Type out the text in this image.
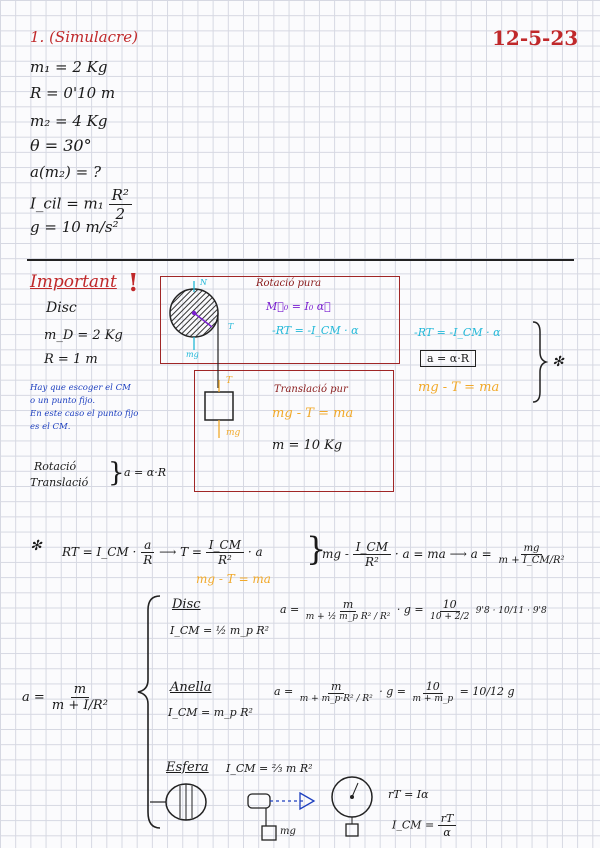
1. (Simulacre)	12-5-23
m₁ = 2 Kg
R = 0'10 m
m₂ = 4 Kg
θ = 30°
a(m₂) = ?
I_cil = $m_1 \frac{\text{R²}}{2}$
g = 10 m/s²
Important !
Disc
m_D = 2 Kg
R = 1 m
Hay que escoger el CM
o un punto fijo.
En este caso el punto fijo
es el CM.
Rotació
Translació } a = α·R
N
T
mg
Rotació pura
M⃗₀ = I₀ α⃗
-RT = -I_CM · α	-RT = -I_CM · α
a = α·R
Translació pur
mg - T = ma
mg - T = ma
m = 10 Kg
T
mg
✻
✻ RT = I_CM · $\frac{a}{R}$ ⟶ $T = \frac{I\_CM}{\text{R²}} \cdot a$
mg - T = ma
}
mg - $\frac{I\_CM}{\text{R²}} \cdot a$ = ma ⟶ $a = \frac{mg}{\text{m + I\_CM/R²}}$
$a = \frac{m}{\text{m + I/R²}}$
Disc
I_CM = ½ m_p R²
$a = \frac{m}{\text{m + ½ m\_p R² / R²}} \cdot g = \frac{10}{10 + 2/2} 9'8 \cdot 10/11 \cdot 9'8$
Anella
I_CM = m_p R²
$a = \frac{m}{\text{m + m\_p·R² / R²}} \cdot g = \frac{10}{m + m\_p} = 10/12$ g
Esfera I_CM = ⅔ m R²
mg
rT = Iα
I_CM = $\frac{rT}{\alpha}$
